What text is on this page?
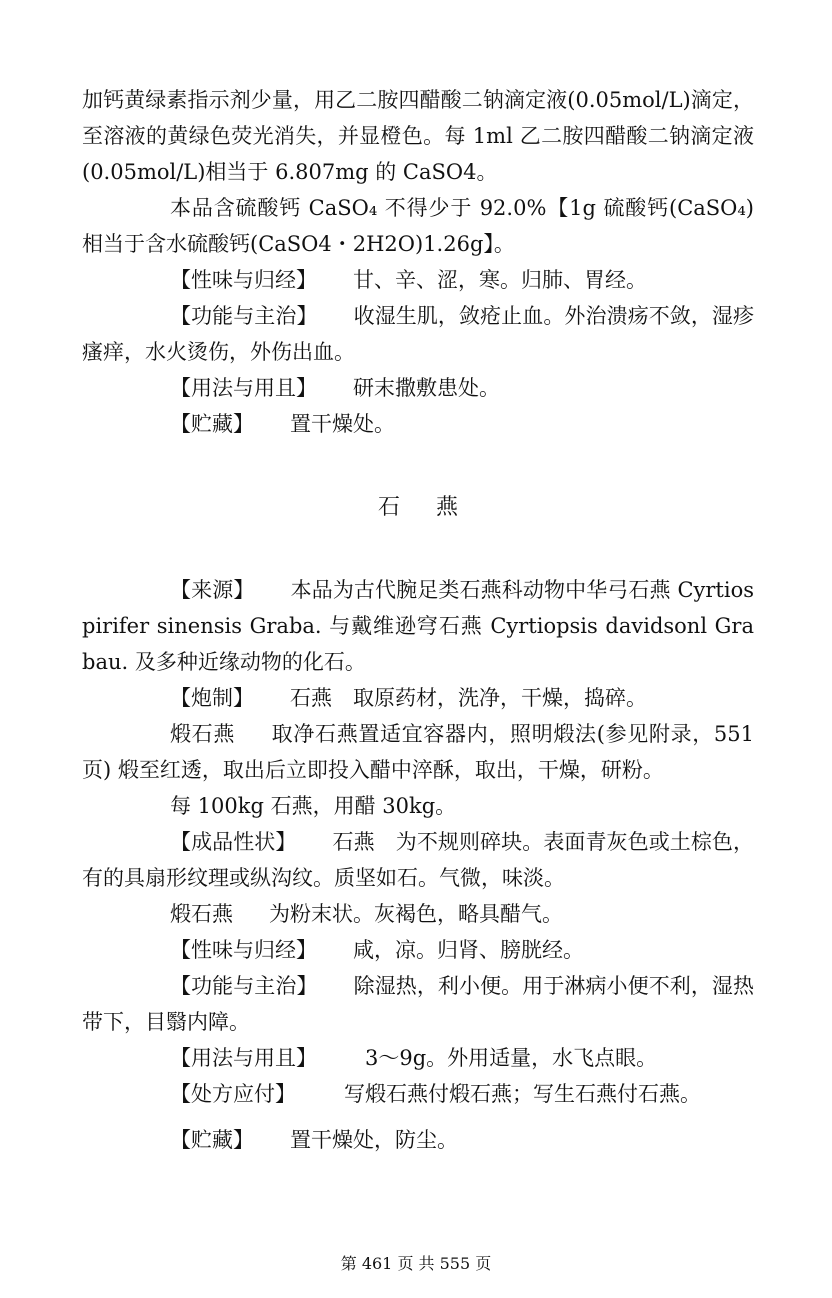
加钙黄绿素指示剂少量，用乙二胺四醋酸二钠滴定液(0.05mol/L)滴定，至溶液的黄绿色荧光消失，并显橙色。每 1ml 乙二胺四醋酸二钠滴定液(0.05mol/L)相当于 6.807mg 的 CaSO4。

本品含硫酸钙 CaSO₄ 不得少于 92.0%【1g 硫酸钙(CaSO₄)相当于含水硫酸钙(CaSO4・2H2O)1.26g】。

【性味与归经】 甘、辛、涩，寒。归肺、胃经。

【功能与主治】 收湿生肌，敛疮止血。外治溃疡不敛，湿疹瘙痒，水火烫伤，外伤出血。

【用法与用且】 研末撒敷患处。

【贮藏】 置干燥处。

石燕

【来源】 本品为古代腕足类石燕科动物中华弓石燕 Cyrtiospirifer sinensis Graba. 与戴维逊穹石燕 Cyrtiopsis davidsonl Grabau. 及多种近缘动物的化石。

【炮制】 石燕　取原药材，洗净，干燥，捣碎。

煅石燕 取净石燕置适宜容器内，照明煅法(参见附录，551 页) 煅至红透，取出后立即投入醋中淬酥，取出，干燥，研粉。

每 100kg 石燕，用醋 30kg。

【成品性状】 石燕　为不规则碎块。表面青灰色或土棕色，有的具扇形纹理或纵沟纹。质坚如石。气微，味淡。

煅石燕 为粉末状。灰褐色，略具醋气。

【性味与归经】 咸，凉。归肾、膀胱经。

【功能与主治】 除湿热，利小便。用于淋病小便不利，湿热带下，目翳内障。

【用法与用且】 3～9g。外用适量，水飞点眼。

【处方应付】 写煅石燕付煅石燕；写生石燕付石燕。

【贮藏】 置干燥处，防尘。

第 461 页 共 555 页
